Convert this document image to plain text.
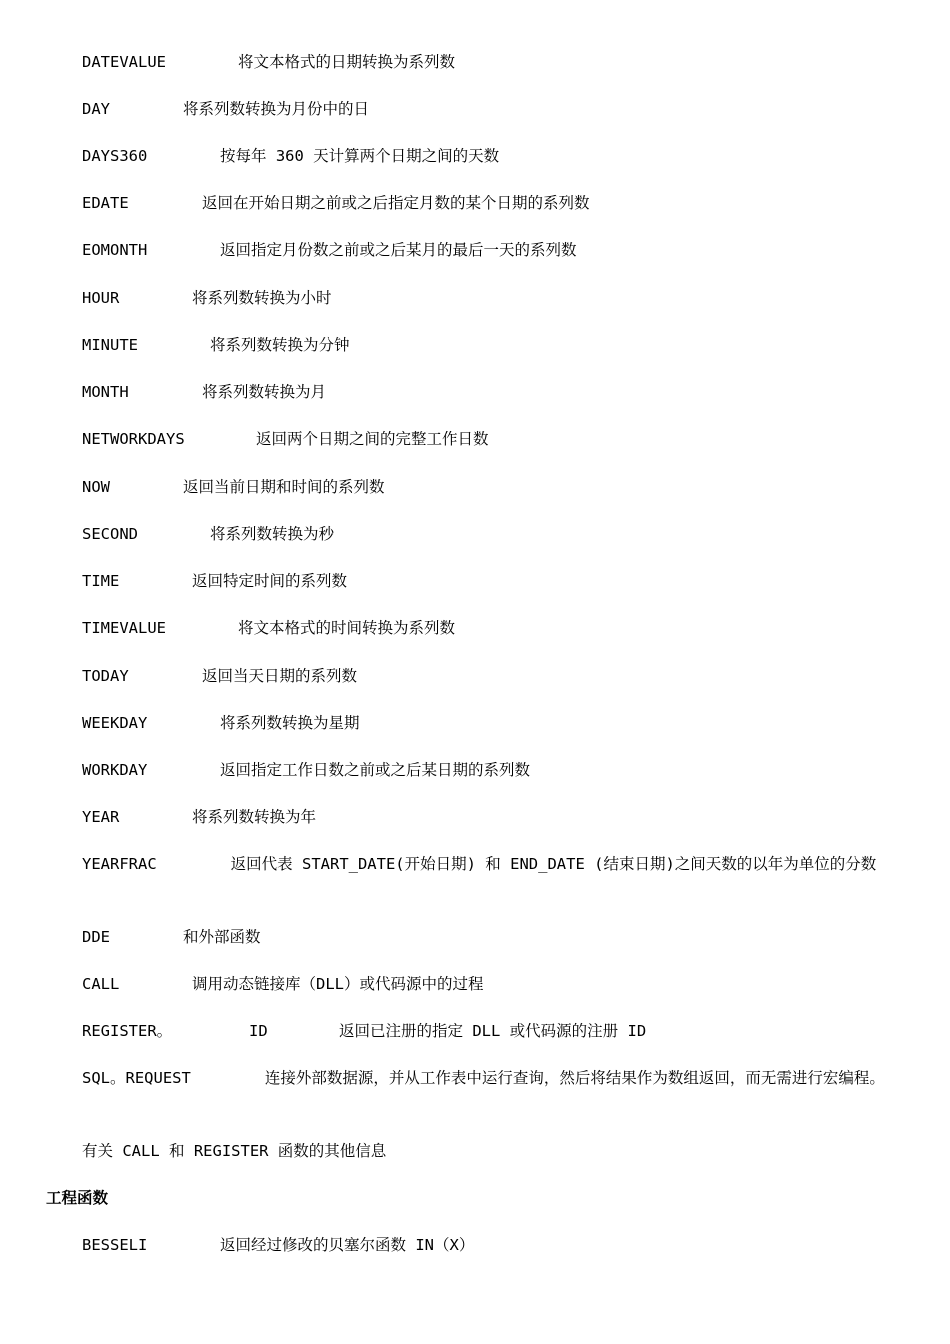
DATEVALUE	将文本格式的日期转换为系列数
DAY	将系列数转换为月份中的日
DAYS360	按每年 360 天计算两个日期之间的天数
EDATE	返回在开始日期之前或之后指定月数的某个日期的系列数
EOMONTH	返回指定月份数之前或之后某月的最后一天的系列数
HOUR	将系列数转换为小时
MINUTE	将系列数转换为分钟
MONTH	将系列数转换为月
NETWORKDAYS	返回两个日期之间的完整工作日数
NOW	返回当前日期和时间的系列数
SECOND	将系列数转换为秒
TIME	返回特定时间的系列数
TIMEVALUE	将文本格式的时间转换为系列数
TODAY	返回当天日期的系列数
WEEKDAY	将系列数转换为星期
WORKDAY	返回指定工作日数之前或之后某日期的系列数
YEAR	将系列数转换为年
YEARFRAC	返回代表 START_DATE(开始日期) 和 END_DATE (结束日期)之间天数的以年为单位的分数
DDE	和外部函数
CALL	调用动态链接库（DLL）或代码源中的过程
REGISTER。	ID	返回已注册的指定 DLL 或代码源的注册 ID
SQL。REQUEST	连接外部数据源，并从工作表中运行查询，然后将结果作为数组返回，而无需进行宏编程。
有关 CALL 和 REGISTER 函数的其他信息
工程函数
BESSELI	返回经过修改的贝塞尔函数 IN（X）
